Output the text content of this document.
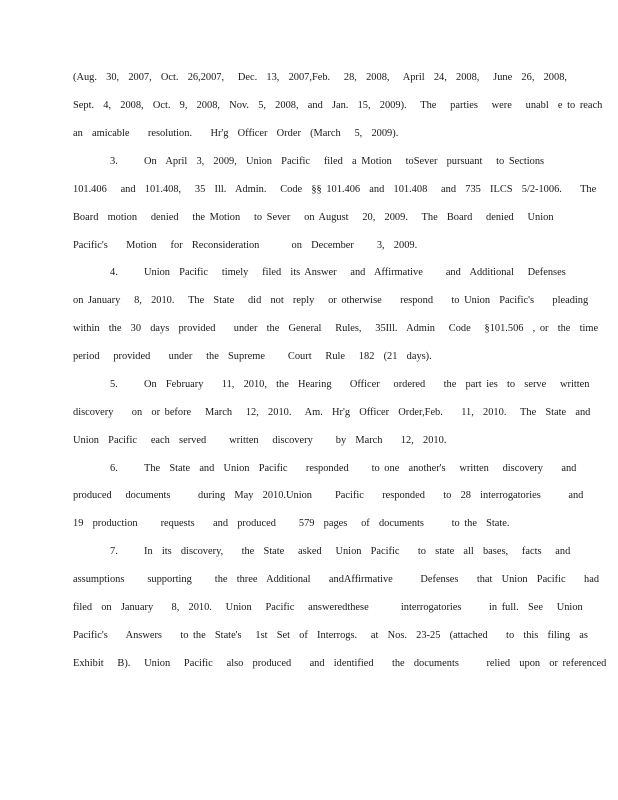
(Aug.  30,  2007,  Oct.  26,2007,   Dec.  13,  2007,Feb.   28,  2008,   April  24,  2008,   June  26,  2008,
Sept.  4,  2008,  Oct.  9,  2008,  Nov.  5,  2008,  and  Jan.  15,  2009).   The   parties   were   unabl  e to reach
an  amicable    resolution.    Hr'g  Officer  Order  (March   5,  2009).
3.	On  April  3,  2009,  Union  Pacific   filed  a Motion   toSever  pursuant   to Sections
101.406   and  101.408,   35  Ill.  Admin.   Code  §§ 101.406  and  101.408   and  735  ILCS  5/2-1006.    The
Board  motion   denied   the Motion   to Sever   on August   20,  2009.   The  Board   denied   Union
Pacific's    Motion   for  Reconsideration       on  December     3,  2009.
4.	Union  Pacific   timely   filed  its Answer   and  Affirmative     and  Additional   Defenses
on January   8,  2010.   The  State   did  not  reply   or otherwise    respond    to Union  Pacific's    pleading
within  the  30  days  provided    under  the  General   Rules,   35Ill.  Admin   Code   §101.506  , or  the  time
period   provided    under   the  Supreme     Court   Rule   182  (21  days).
5.	On  February    11,  2010,  the  Hearing    Officer   ordered    the  part ies  to  serve   written
discovery    on  or before   March   12,  2010.   Am.  Hr'g  Officer  Order,Feb.    11,  2010.   The  State  and
Union  Pacific   each  served     written   discovery     by  March    12,  2010.
6.	The  State  and  Union  Pacific    responded     to one  another's   written   discovery    and
produced   documents      during  May  2010.Union     Pacific    responded    to  28  interrogatories      and
19  production     requests    and  produced     579  pages   of  documents      to the  State.
7.	In  its  discovery,    the  State   asked   Union  Pacific    to  state  all  bases,   facts   and
assumptions     supporting     the  three  Additional    andAffirmative      Defenses    that  Union  Pacific    had
filed  on  January    8,  2010.   Union   Pacific   answeredthese       interrogatories      in full.  See   Union
Pacific's    Answers    to the  State's   1st  Set  of  Interrogs.   at  Nos.  23-25  (attached    to  this  filing  as
Exhibit   B).   Union   Pacific   also  produced    and  identified    the  documents      relied  upon  or referenced
